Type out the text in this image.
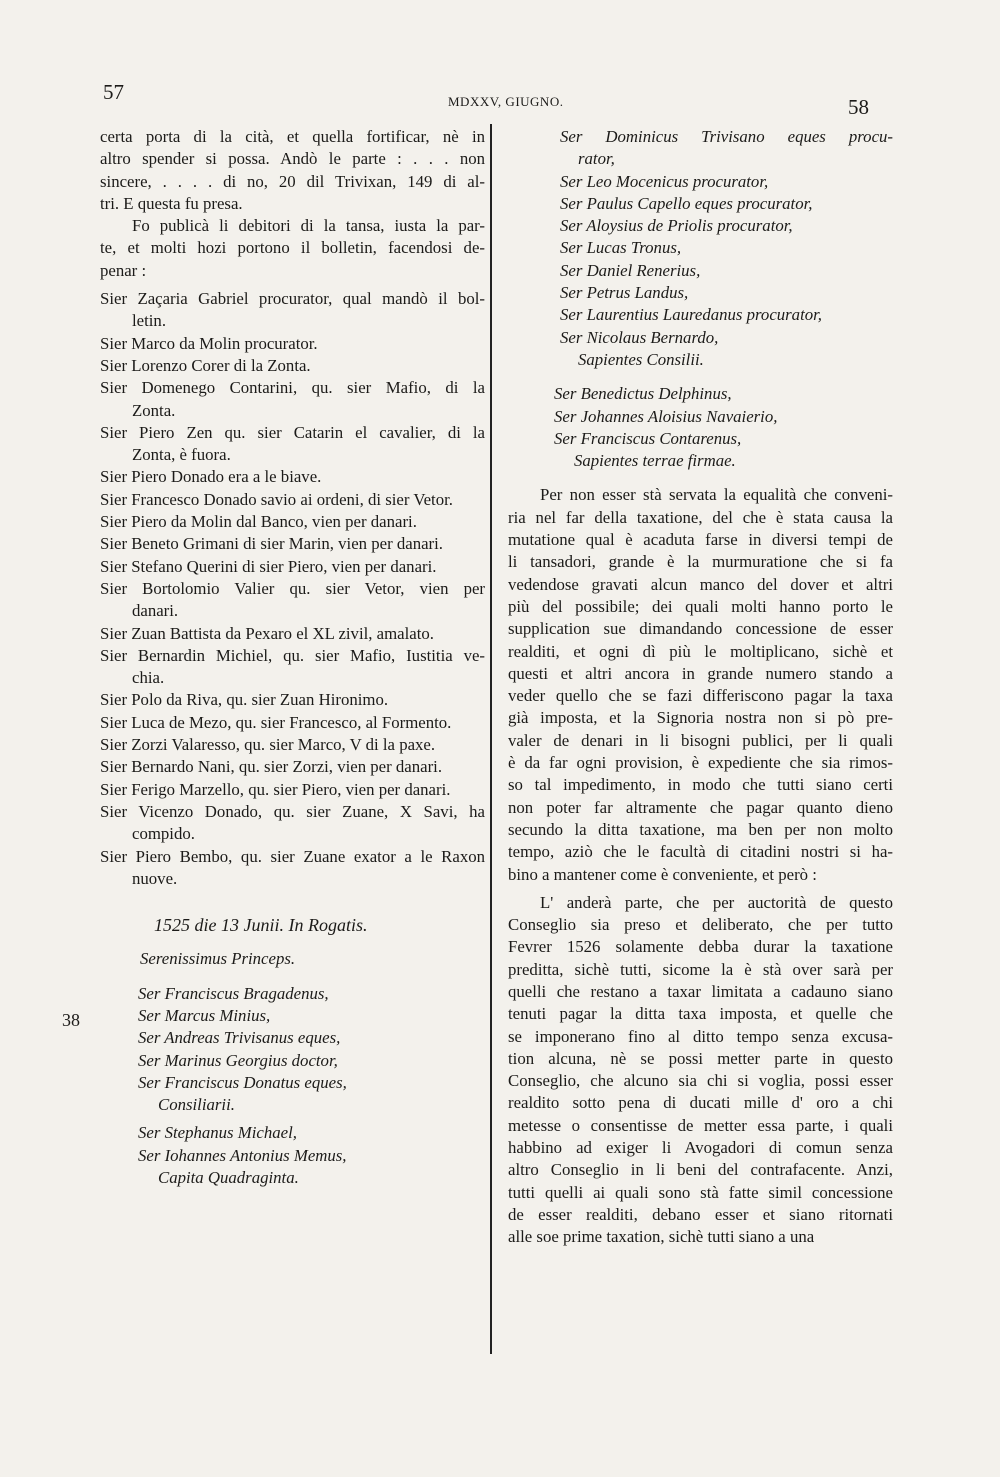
57	MDXXV, GIUGNO.	58
38
certa porta di la cità, et quella fortificar, nè in
altro spender si possa. Andò le parte : . . . non
sincere, . . . . di no, 20 dil Trivixan, 149 di al-
tri. E questa fu presa.
Fo publicà li debitori di la tansa, iusta la par-
te, et molti hozi portono il bolletin, facendosi de-
penar :
Sier Zaçaria Gabriel procurator, qual mandò il bol-
letin.
Sier Marco da Molin procurator.
Sier Lorenzo Corer di la Zonta.
Sier Domenego Contarini, qu. sier Mafio, di la
Zonta.
Sier Piero Zen qu. sier Catarin el cavalier, di la
Zonta, è fuora.
Sier Piero Donado era a le biave.
Sier Francesco Donado savio ai ordeni, di sier Vetor.
Sier Piero da Molin dal Banco, vien per danari.
Sier Beneto Grimani di sier Marin, vien per danari.
Sier Stefano Querini di sier Piero, vien per danari.
Sier Bortolomio Valier qu. sier Vetor, vien per
danari.
Sier Zuan Battista da Pexaro el XL zivil, amalato.
Sier Bernardin Michiel, qu. sier Mafio, Iustitia ve-
chia.
Sier Polo da Riva, qu. sier Zuan Hironimo.
Sier Luca de Mezo, qu. sier Francesco, al Formento.
Sier Zorzi Valaresso, qu. sier Marco, V di la paxe.
Sier Bernardo Nani, qu. sier Zorzi, vien per danari.
Sier Ferigo Marzello, qu. sier Piero, vien per danari.
Sier Vicenzo Donado, qu. sier Zuane, X Savi, ha
compido.
Sier Piero Bembo, qu. sier Zuane exator a le Raxon
nuove.
1525 die 13 Junii. In Rogatis.
Serenissimus Princeps.
Ser Franciscus Bragadenus,
Ser Marcus Minius,
Ser Andreas Trivisanus eques,
Ser Marinus Georgius doctor,
Ser Franciscus Donatus eques,
Consiliarii.
Ser Stephanus Michael,
Ser Iohannes Antonius Memus,
Capita Quadraginta.
Ser Dominicus Trivisano eques procu-
rator,
Ser Leo Mocenicus procurator,
Ser Paulus Capello eques procurator,
Ser Aloysius de Priolis procurator,
Ser Lucas Tronus,
Ser Daniel Renerius,
Ser Petrus Landus,
Ser Laurentius Lauredanus procurator,
Ser Nicolaus Bernardo,
Sapientes Consilii.
Ser Benedictus Delphinus,
Ser Johannes Aloisius Navaierio,
Ser Franciscus Contarenus,
Sapientes terrae firmae.
Per non esser stà servata la equalità che conveni-
ria nel far della taxatione, del che è stata causa la
mutatione qual è acaduta farse in diversi tempi de
li tansadori, grande è la murmuratione che si fa
vedendose gravati alcun manco del dover et altri
più del possibile; dei quali molti hanno porto le
supplication sue dimandando concessione de esser
realditi, et ogni dì più le moltiplicano, sichè et
questi et altri ancora in grande numero stando a
veder quello che se fazi differiscono pagar la taxa
già imposta, et la Signoria nostra non si pò pre-
valer de denari in li bisogni publici, per li quali
è da far ogni provision, è expediente che sia rimos-
so tal impedimento, in modo che tutti siano certi
non poter far altramente che pagar quanto dieno
secundo la ditta taxatione, ma ben per non molto
tempo, aziò che le facultà di citadini nostri si ha-
bino a mantener come è conveniente, et però :
L' anderà parte, che per auctorità de questo
Conseglio sia preso et deliberato, che per tutto
Fevrer 1526 solamente debba durar la taxatione
preditta, sichè tutti, sicome la è stà over sarà per
quelli che restano a taxar limitata a cadauno siano
tenuti pagar la ditta taxa imposta, et quelle che
se imponerano fino al ditto tempo senza excusa-
tion alcuna, nè se possi metter parte in questo
Conseglio, che alcuno sia chi si voglia, possi esser
realdito sotto pena di ducati mille d' oro a chi
metesse o consentisse de metter essa parte, i quali
habbino ad exiger li Avogadori di comun senza
altro Conseglio in li beni del contrafacente. Anzi,
tutti quelli ai quali sono stà fatte simil concessione
de esser realditi, debano esser et siano ritornati
alle soe prime taxation, sichè tutti siano a una
